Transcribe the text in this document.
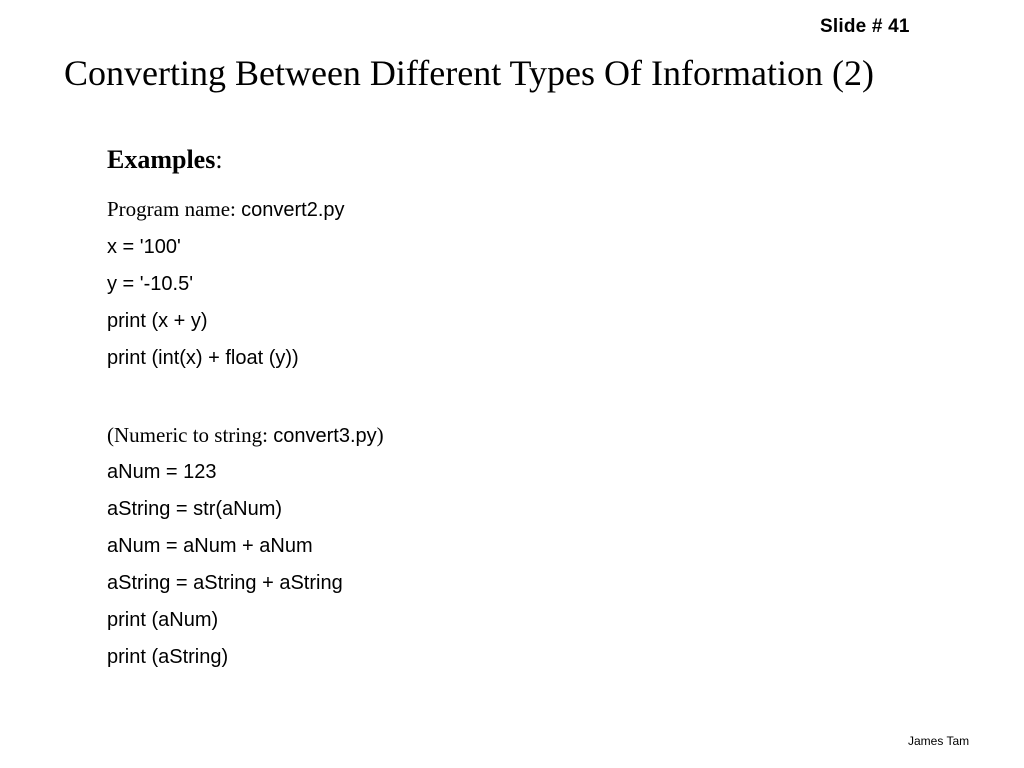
Slide # 41
Converting Between Different Types Of Information (2)
Examples:
Program name: convert2.py
x = '100'
y = '-10.5'
print (x + y)
print (int(x) + float (y))
(Numeric to string: convert3.py)
aNum = 123
aString = str(aNum)
aNum = aNum + aNum
aString = aString + aString
print (aNum)
print (aString)
James Tam
